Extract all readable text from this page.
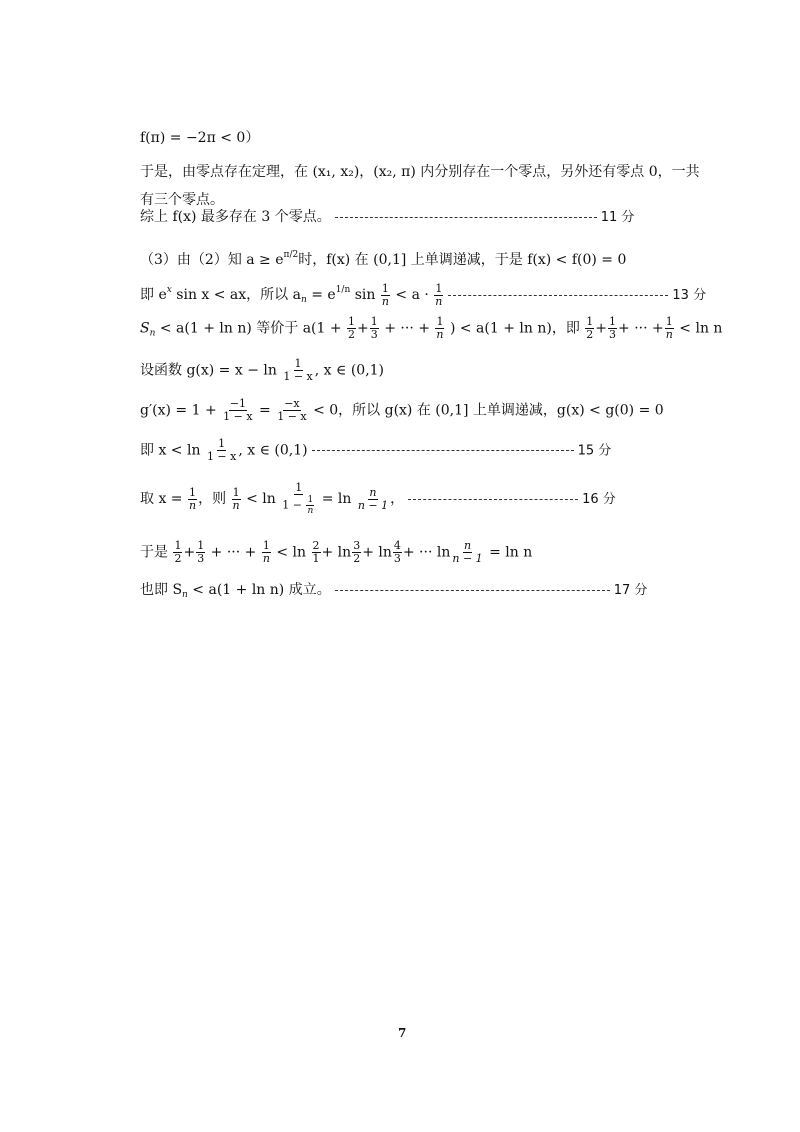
f(π) = −2π < 0）
于是，由零点存在定理，在 (x₁, x₂)，(x₂, π) 内分别存在一个零点，另外还有零点 0，一共
有三个零点。
综上 f(x) 最多存在 3 个零点。	11 分
（3）由（2）知 $a \ge e^{\pi/2}$时，f(x) 在 (0,1] 上单调递减，于是 f(x) < f(0) = 0
即 $e^x$ sin x < ax，所以 $a_n = e^{1/n}$ $\sin \frac{1}{n} < a \cdot \frac{1}{n}$	13 分
$S_n < a(1 + \ln n)$ 等价于 $a(1 + \frac{1}{2} + \frac{1}{3}$ + ··· + $\frac{1}{n}$ ) < a(1 + ln n)，即 $\frac{1}{2} + \frac{1}{3}$ + ··· + $\frac{1}{n} < \ln n$
设函数 $g(x) = x - \ln \frac{1}{1 - x}$ , x ∈ (0,1)
$g'(x) = 1 + \frac{-1}{1 - x} = \frac{-x}{1 - x} < 0$，所以 g(x) 在 (0,1] 上单调递减，g(x) < g(0) = 0
即 $x < \ln \frac{1}{1 - x}$ , x ∈ (0,1)	15 分
取 $x = \frac{1}{n}$ ，则 $\frac{1}{n} < \ln \frac{1}{1 - \frac{1}{n}} = \ln \frac{n}{n - 1}$ ，	16 分
于是 $\frac{1}{2} + \frac{1}{3}$ + ··· + $\frac{1}{n} < \ln \frac{2}{1} + \ln \frac{3}{2} + \ln \frac{4}{3}$ + ··· $\ln \frac{n}{n - 1} = \ln n$
也即 $S_n < a(1 + \ln n)$ 成立。	17 分
7
